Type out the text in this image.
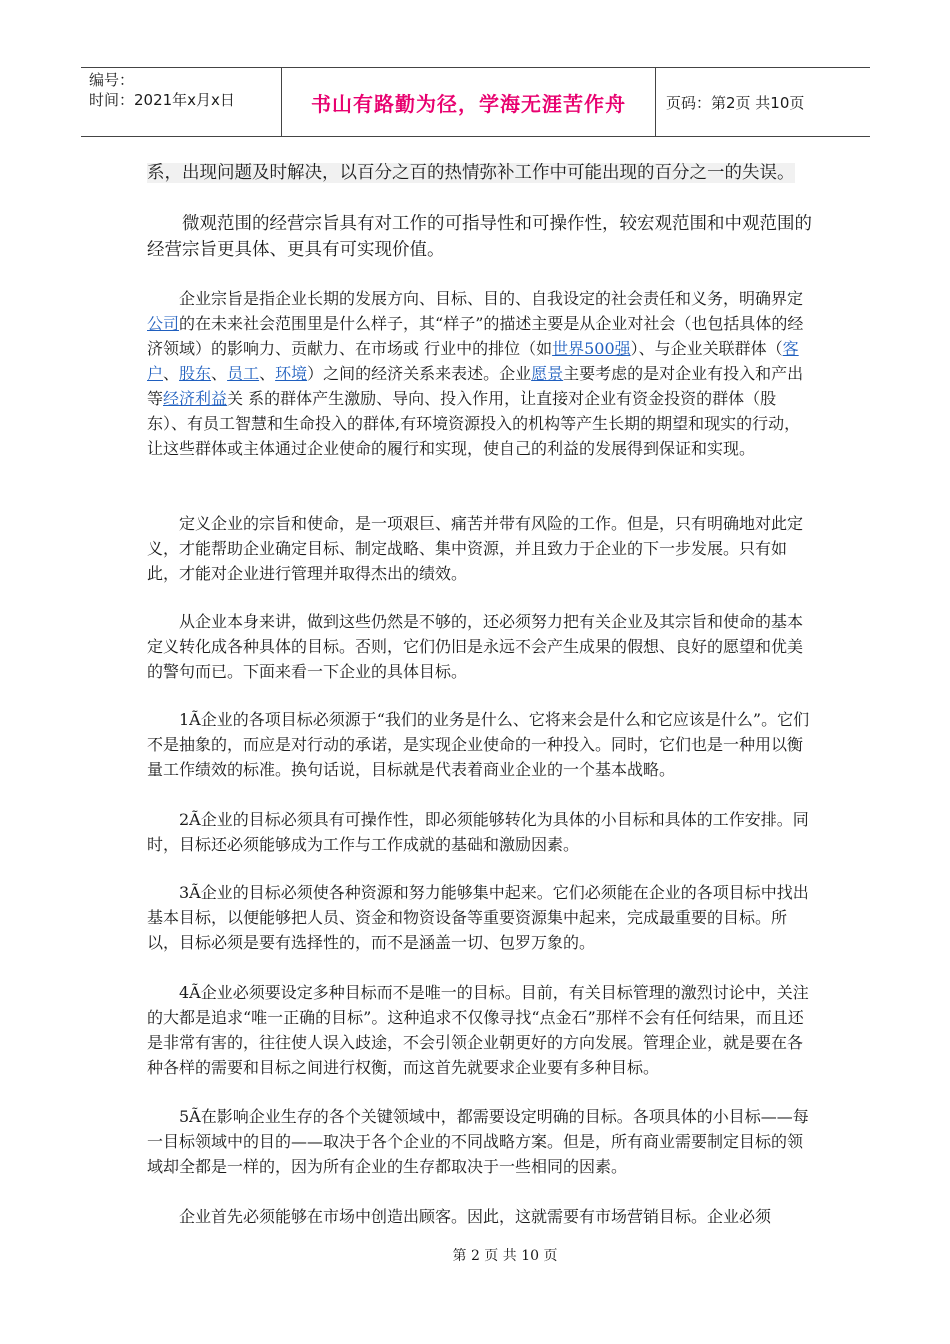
编号：
时间：2021年x月x日	书山有路勤为径，学海无涯苦作舟	页码：第2页 共10页

系，出现问题及时解决，以百分之百的热情弥补工作中可能出现的百分之一的失误。

　　微观范围的经营宗旨具有对工作的可指导性和可操作性，较宏观范围和中观范围的经营宗旨更具体、更具有可实现价值。

　　企业宗旨是指企业长期的发展方向、目标、目的、自我设定的社会责任和义务，明确界定公司的在未来社会范围里是什么样子，其“样子”的描述主要是从企业对社会（也包括具体的经济领域）的影响力、贡献力、在市场或 行业中的排位（如世界500强）、与企业关联群体（客户、股东、员工、环境）之间的经济关系来表述。企业愿景主要考虑的是对企业有投入和产出等经济利益关 系的群体产生激励、导向、投入作用，让直接对企业有资金投资的群体（股东）、有员工智慧和生命投入的群体,有环境资源投入的机构等产生长期的期望和现实的行动，让这些群体或主体通过企业使命的履行和实现，使自己的利益的发展得到保证和实现。

　　定义企业的宗旨和使命，是一项艰巨、痛苦并带有风险的工作。但是，只有明确地对此定义，才能帮助企业确定目标、制定战略、集中资源，并且致力于企业的下一步发展。只有如此，才能对企业进行管理并取得杰出的绩效。

　　从企业本身来讲，做到这些仍然是不够的，还必须努力把有关企业及其宗旨和使命的基本定义转化成各种具体的目标。否则，它们仍旧是永远不会产生成果的假想、良好的愿望和优美的警句而已。下面来看一下企业的具体目标。

　　1Ã企业的各项目标必须源于“我们的业务是什么、它将来会是什么和它应该是什么”。它们不是抽象的，而应是对行动的承诺，是实现企业使命的一种投入。同时，它们也是一种用以衡量工作绩效的标准。换句话说，目标就是代表着商业企业的一个基本战略。

　　2Ã企业的目标必须具有可操作性，即必须能够转化为具体的小目标和具体的工作安排。同时，目标还必须能够成为工作与工作成就的基础和激励因素。

　　3Ã企业的目标必须使各种资源和努力能够集中起来。它们必须能在企业的各项目标中找出基本目标，以便能够把人员、资金和物资设备等重要资源集中起来，完成最重要的目标。所以，目标必须是要有选择性的，而不是涵盖一切、包罗万象的。

　　4Ã企业必须要设定多种目标而不是唯一的目标。目前，有关目标管理的激烈讨论中，关注的大都是追求“唯一正确的目标”。这种追求不仅像寻找“点金石”那样不会有任何结果，而且还是非常有害的，往往使人误入歧途，不会引领企业朝更好的方向发展。管理企业，就是要在各种各样的需要和目标之间进行权衡，而这首先就要求企业要有多种目标。

　　5Ã在影响企业生存的各个关键领域中，都需要设定明确的目标。各项具体的小目标——每一目标领域中的目的——取决于各个企业的不同战略方案。但是，所有商业需要制定目标的领域却全都是一样的，因为所有企业的生存都取决于一些相同的因素。

　　企业首先必须能够在市场中创造出顾客。因此，这就需要有市场营销目标。企业必须

第 2 页 共 10 页
